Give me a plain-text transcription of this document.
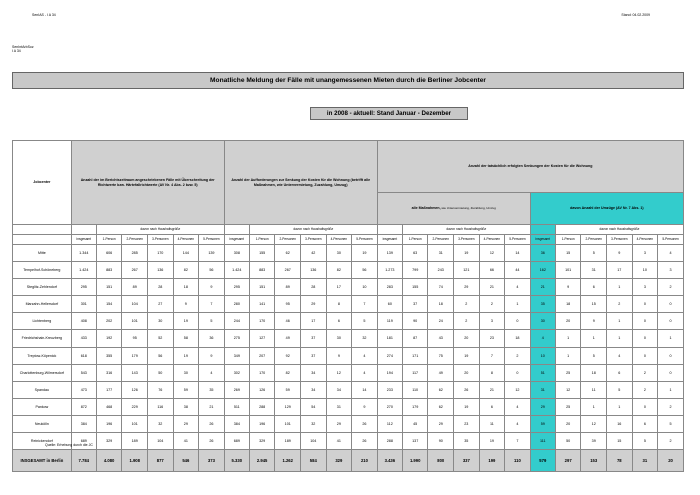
SenIAS - I A 34	Stand: 04.02.2009
SenIntArbSoz
I A 34
Monatliche Meldung der Fälle mit unangemessenen Mieten durch die Berliner Jobcenter
in 2008 - aktuell: Stand Januar - Dezember
Jobcenter	Anzahl der im Berichtszeitraum angeschriebenen Fälle mit Überschreitung der Richtwerte bzw. Härtefallrichtwerte (AV Nr. 4 Abs. 2 bzw. 5)						Anzahl der Aufforderungen zur Senkung der Kosten für die Wohnung (betrifft alle Maßnahmen, wie Untervermietung, Zuzahlung, Umzug)						Anzahl der tatsächlich erfolgten Senkungen der Kosten für die Wohnung											
													alle Maßnahmen, wie Untervermietung, Zuzahlung, Umzug						davon Anzahl der Umzüge (AV Nr. 7 Abs. 1)					
		davon nach Haushaltsgröße						davon nach Haushaltsgröße						davon nach Haushaltsgröße						davon nach Haushaltsgröße				
	insgesamt	1-Person	2-Personen	3-Personen	4-Personen	5-Personen	insgesamt	1-Person	2-Personen	3-Personen	4-Personen	5-Personen	insgesamt	1-Person	2-Personen	3-Personen	4-Personen	5-Personen	insgesamt	1-Person	2-Personen	3-Personen	4-Personen	5-Personen
Mitte	1.344	606	285	170	144	139	308	155	62	42	30	19	139	63	31	19	12	14	36	15	5	9	3	4
Tempelhof-Schöneberg	1.424	883	267	136	82	56	1.424	883	267	136	82	56	1.273	799	243	121	66	44	162	101	31	17	10	3
Steglitz-Zehlendorf	295	151	89	28	18	9	295	151	89	28	17	10	283	155	74	29	21	4	21	9	6	1	3	2
Marzahn-Hellersdorf	301	154	104	27	9	7	280	141	95	29	8	7	60	37	18	2	2	1	35	18	15	2	0	0
Lichtenberg	408	202	101	30	19	5	244	170	46	17	6	5	119	90	24	2	3	0	30	20	9	1	0	0
Friedrichshain-Kreuzberg	433	192	95	52	58	36	275	127	49	37	30	32	181	87	43	20	23	18	4	1	1	1	0	1
Treptow-Köpenick	618	355	179	56	19	9	349	207	92	37	9	4	274	171	75	19	7	2	10	1	5	4	0	0
Charlottenburg-Wilmersdorf	543	316	143	50	30	4	302	170	82	34	12	4	194	117	49	20	8	0	51	25	18	6	2	0
Spandau	473	177	126	76	59	35	269	126	59	34	34	14	233	110	62	26	21	12	31	12	11	5	2	1
Pankow	872	468	229	116	38	21	511	288	129	54	31	9	270	179	62	19	6	4	29	25	1	1	0	2
Neukölln	384	196	101	32	29	26	384	196	101	32	29	26	112	45	29	23	11	4	59	20	12	16	6	5
Reinickendorf	689	329	189	104	41	26	689	329	189	104	41	26	288	137	90	35	19	7	111	50	39	15	5	2
INSGESAMT in Berlin	7.784	4.080	1.908	877	546	373	5.330	2.945	1.262	584	329	210	3.436	1.990	800	337	199	110	579	297	153	78	31	20
Quelle: Erhebung durch die JC
